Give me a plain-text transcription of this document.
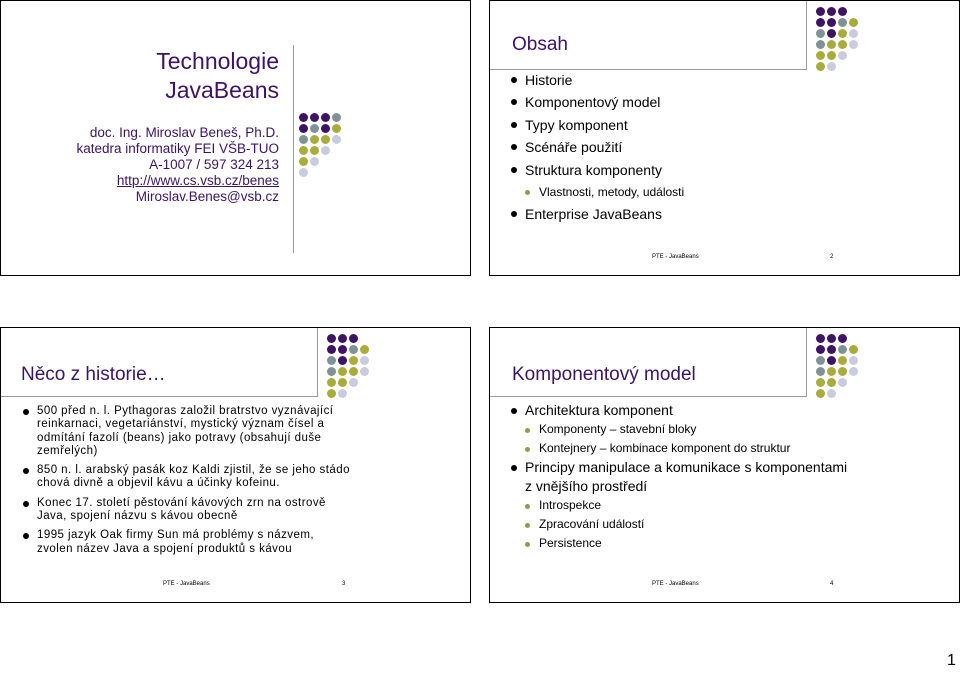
Technologie
JavaBeans
doc. Ing. Miroslav Beneš, Ph.D.
katedra informatiky FEI VŠB-TUO
A-1007 / 597 324 213
http://www.cs.vsb.cz/benes
Miroslav.Benes@vsb.cz
Obsah
Historie
Komponentový model
Typy komponent
Scénáře použití
Struktura komponenty
Vlastnosti, metody, události
Enterprise JavaBeans
PTE - JavaBeans	2
Něco z historie…
500 před n. l. Pythagoras založil bratrstvo vyznávající reinkarnaci, vegetariánství, mystický význam čísel a odmítání fazolí (beans) jako potravy (obsahují duše zemřelých)
850 n. l. arabský pasák koz Kaldi zjistil, že se jeho stádo chová divně a objevil kávu a účinky kofeinu.
Konec 17. století pěstování kávových zrn na ostrově Java, spojení názvu s kávou obecně
1995 jazyk Oak firmy Sun má problémy s názvem, zvolen název Java a spojení produktů s kávou
PTE - JavaBeans	3
Komponentový model
Architektura komponent
Komponenty – stavební bloky
Kontejnery – kombinace komponent do struktur
Principy manipulace a komunikace s komponentami z vnějšího prostředí
Introspekce
Zpracování událostí
Persistence
PTE - JavaBeans	4
1
